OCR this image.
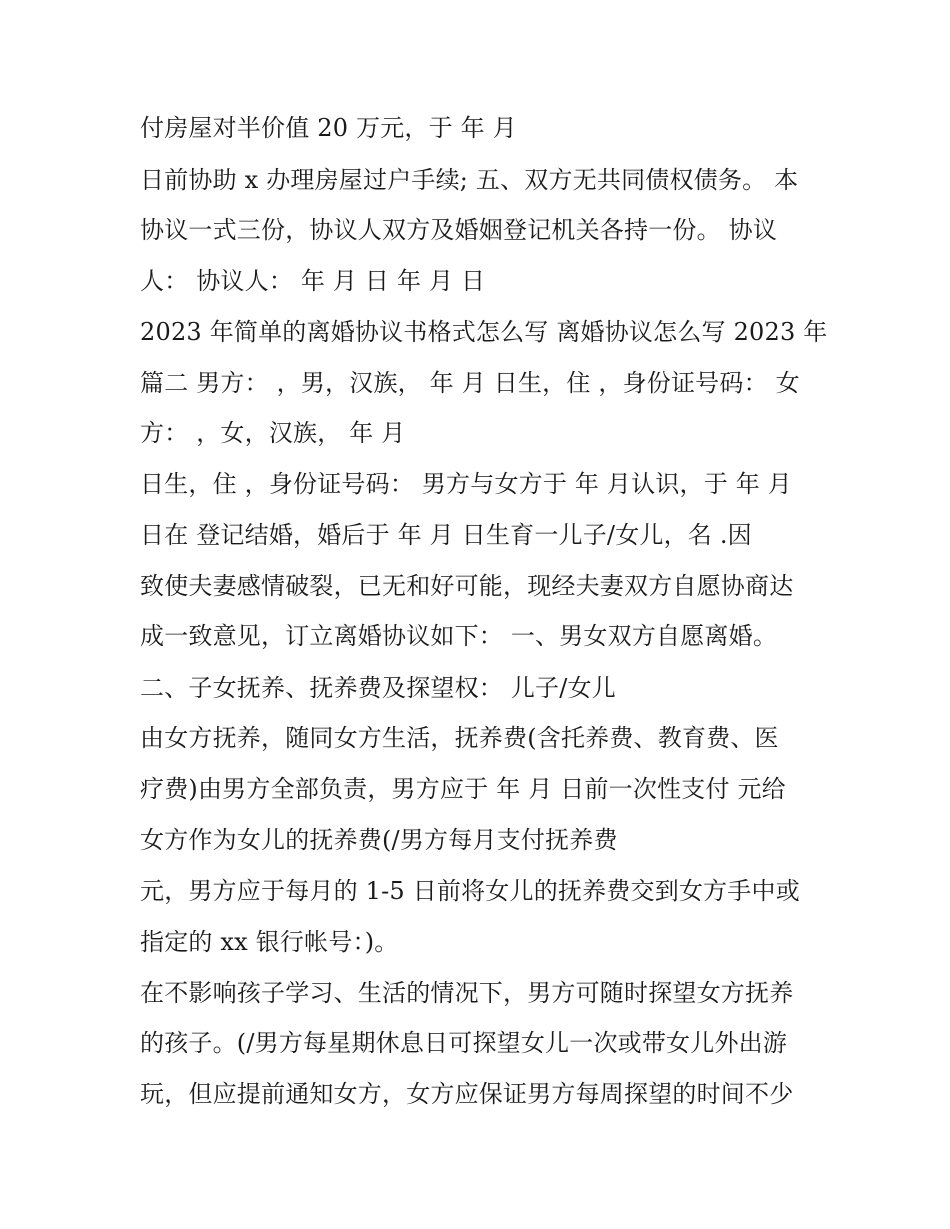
付房屋对半价值 20 万元，于 年 月
日前协助 x 办理房屋过户手续; 五、双方无共同债权债务。 本
协议一式三份，协议人双方及婚姻登记机关各持一份。 协议
人： 协议人： 年 月 日 年 月 日
2023 年简单的离婚协议书格式怎么写 离婚协议怎么写 2023 年
篇二 男方： ，男，汉族， 年 月 日生，住 ，身份证号码： 女
方： ，女，汉族， 年 月
日生，住 ，身份证号码： 男方与女方于 年 月认识，于 年 月
日在 登记结婚，婚后于 年 月 日生育一儿子/女儿，名 .因
致使夫妻感情破裂，已无和好可能，现经夫妻双方自愿协商达
成一致意见，订立离婚协议如下： 一、男女双方自愿离婚。
二、子女抚养、抚养费及探望权： 儿子/女儿
由女方抚养，随同女方生活，抚养费(含托养费、教育费、医
疗费)由男方全部负责，男方应于 年 月 日前一次性支付 元给
女方作为女儿的抚养费(/男方每月支付抚养费
元，男方应于每月的 1-5 日前将女儿的抚养费交到女方手中或
指定的 xx 银行帐号：)。
在不影响孩子学习、生活的情况下，男方可随时探望女方抚养
的孩子。(/男方每星期休息日可探望女儿一次或带女儿外出游
玩，但应提前通知女方，女方应保证男方每周探望的时间不少
